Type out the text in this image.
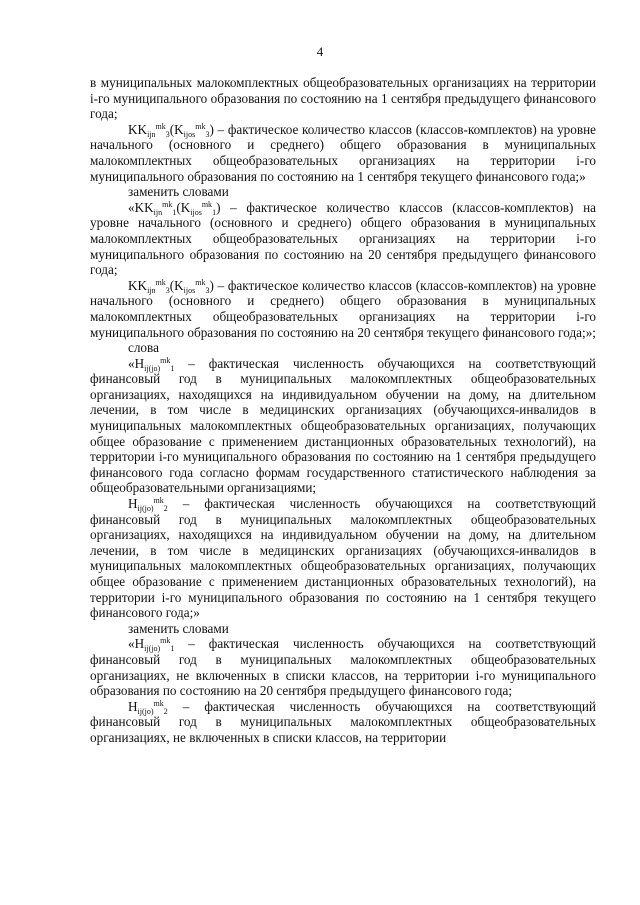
4

в муниципальных малокомплектных общеобразовательных организациях на территории i-го муниципального образования по состоянию на 1 сентября предыдущего финансового года;

$KK_{ijn}^{mk}_3(K_{ijos}^{mk}_3)$ – фактическое количество классов (классов-комплектов) на уровне начального (основного и среднего) общего образования в муниципальных малокомплектных общеобразовательных организациях на территории i-го муниципального образования по состоянию на 1 сентября текущего финансового года;»

заменить словами

«$KK_{ijn}^{mk}_1(K_{ijos}^{mk}_1)$ – фактическое количество классов (классов-комплектов) на уровне начального (основного и среднего) общего образования в муниципальных малокомплектных общеобразовательных организациях на территории i-го муниципального образования по состоянию на 20 сентября предыдущего финансового года;

$KK_{ijn}^{mk}_3(K_{ijos}^{mk}_3)$ – фактическое количество классов (классов-комплектов) на уровне начального (основного и среднего) общего образования в муниципальных малокомплектных общеобразовательных организациях на территории i-го муниципального образования по состоянию на 20 сентября текущего финансового года;»;

слова

«$H_{ij(jo)}^{mk}_1$ – фактическая численность обучающихся на соответствующий финансовый год в муниципальных малокомплектных общеобразовательных организациях, находящихся на индивидуальном обучении на дому, на длительном лечении, в том числе в медицинских организациях (обучающихся-инвалидов в муниципальных малокомплектных общеобразовательных организациях, получающих общее образование с применением дистанционных образовательных технологий), на территории i-го муниципального образования по состоянию на 1 сентября предыдущего финансового года согласно формам государственного статистического наблюдения за общеобразовательными организациями;

$H_{ij(jo)}^{mk}_2$ – фактическая численность обучающихся на соответствующий финансовый год в муниципальных малокомплектных общеобразовательных организациях, находящихся на индивидуальном обучении на дому, на длительном лечении, в том числе в медицинских организациях (обучающихся-инвалидов в муниципальных малокомплектных общеобразовательных организациях, получающих общее образование с применением дистанционных образовательных технологий), на территории i-го муниципального образования по состоянию на 1 сентября текущего финансового года;»

заменить словами

«$H_{ij(jo)}^{mk}_1$ – фактическая численность обучающихся на соответствующий финансовый год в муниципальных малокомплектных общеобразовательных организациях, не включенных в списки классов, на территории i-го муниципального образования по состоянию на 20 сентября предыдущего финансового года;

$H_{ij(jo)}^{mk}_2$ – фактическая численность обучающихся на соответствующий финансовый год в муниципальных малокомплектных общеобразовательных организациях, не включенных в списки классов, на территории
